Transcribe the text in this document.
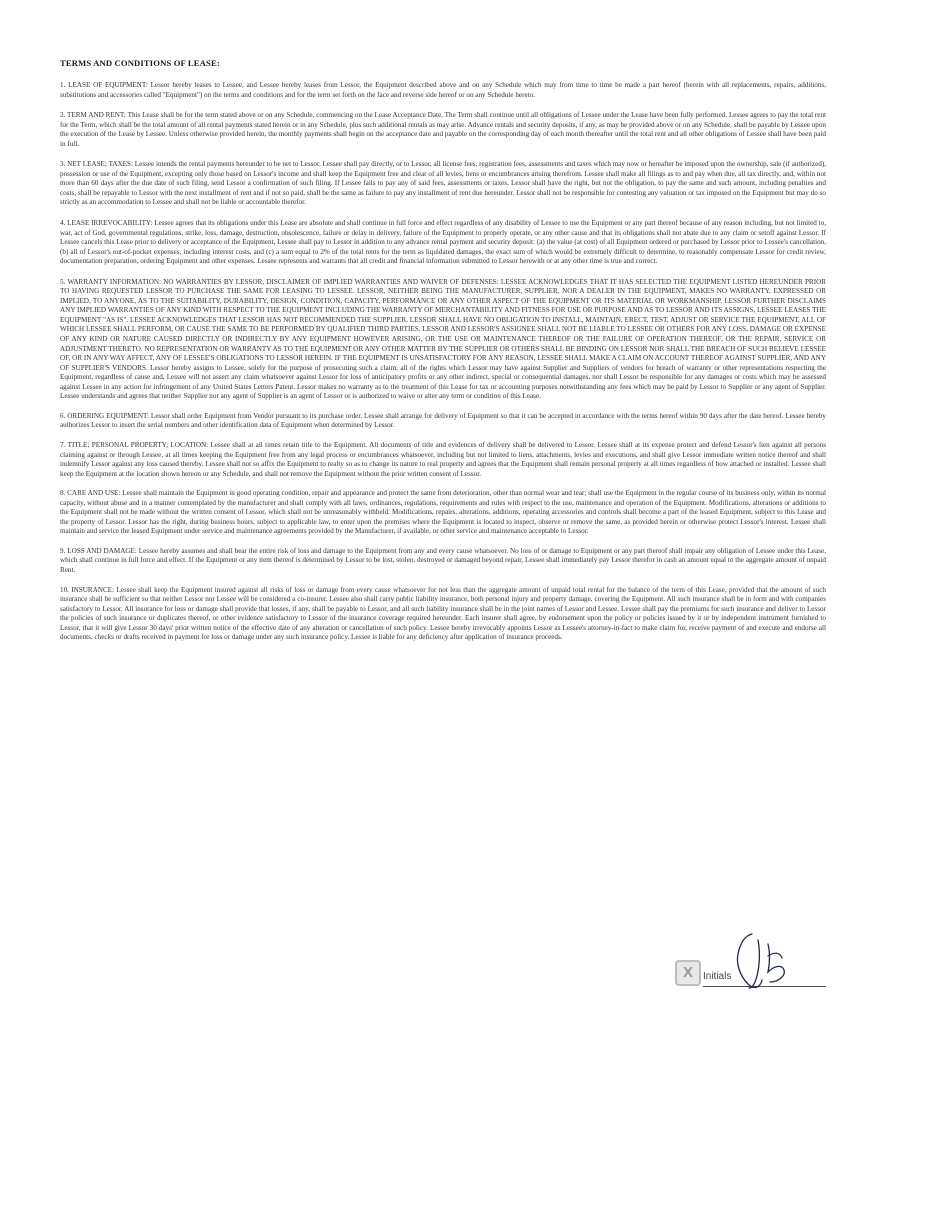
TERMS AND CONDITIONS OF LEASE:

1. LEASE OF EQUIPMENT: Lessor hereby leases to Lessee, and Lessee hereby leases from Lessor, the Equipment described above and on any Schedule which may from time to time be made a part hereof (herein with all replacements, repairs, additions, substitutions and accessories called "Equipment") on the terms and conditions and for the term set forth on the face and reverse side hereof or on any Schedule hereto.

2. TERM AND RENT: This Lease shall be for the term stated above or on any Schedule, commencing on the Lease Acceptance Date. The Term shall continue until all obligations of Lessee under the Lease have been fully performed. Lessee agrees to pay the total rent for the Term, which shall be the total amount of all rental payments stated herein or in any Schedule, plus such additional rentals as may arise. Advance rentals and security deposits, if any, as may be provided above or on any Schedule, shall be payable by Lessee upon the execution of the Lease by Lessee. Unless otherwise provided herein, the monthly payments shall begin on the acceptance date and payable on the corresponding day of each month thereafter until the total rent and all other obligations of Lessee shall have been paid in full.

3. NET LEASE; TAXES: Lessee intends the rental payments hereunder to be net to Lessor. Lessee shall pay directly, or to Lessor, all license fees, registration fees, assessments and taxes which may now or hereafter be imposed upon the ownership, sale (if authorized), possession or use of the Equipment, excepting only those based on Lessor's income and shall keep the Equipment free and clear of all levies, liens or encumbrances arising therefrom. Lessee shall make all filings as to and pay when due, all tax directly, and, within not more than 60 days after the due date of such filing, send Lessor a confirmation of such filing. If Lessee fails to pay any of said fees, assessments or taxes, Lessor shall have the right, but not the obligation, to pay the same and such amount, including penalties and costs, shall be repayable to Lessor with the next installment of rent and if not so paid, shall be the same as failure to pay any installment of rent due hereunder. Lessor shall not be responsible for contesting any valuation or tax imposed on the Equipment but may do so strictly as an accommodation to Lessee and shall not be liable or accountable therefor.

4. LEASE IRREVOCABILITY: Lessee agrees that its obligations under this Lease are absolute and shall continue in full force and effect regardless of any disability of Lessee to use the Equipment or any part thereof because of any reason including, but not limited to, war, act of God, governmental regulations, strike, loss, damage, destruction, obsolescence, failure or delay in delivery, failure of the Equipment to properly operate, or any other cause and that its obligations shall not abate due to any claim or setoff against Lessor. If Lessee cancels this Lease prior to delivery or acceptance of the Equipment, Lessee shall pay to Lessor in addition to any advance rental payment and security deposit: (a) the value (at cost) of all Equipment ordered or purchased by Lessor prior to Lessee's cancellation, (b) all of Lessor's out-of-pocket expenses, including interest costs, and (c) a sum equal to 2% of the total rents for the term as liquidated damages, the exact sum of which would be extremely difficult to determine, to reasonably compensate Lessor for credit review, documentation preparation, ordering Equipment and other expenses. Lessee represents and warrants that all credit and financial information submitted to Lessor herewith or at any other time is true and correct.

5. WARRANTY INFORMATION: NO WARRANTIES BY LESSOR, DISCLAIMER OF IMPLIED WARRANTIES AND WAIVER OF DEFENSES: LESSEE ACKNOWLEDGES THAT IT HAS SELECTED THE EQUIPMENT LISTED HEREUNDER PRIOR TO HAVING REQUESTED LESSOR TO PURCHASE THE SAME FOR LEASING TO LESSEE. LESSOR, NEITHER BEING THE MANUFACTURER, SUPPLIER, NOR A DEALER IN THE EQUIPMENT, MAKES NO WARRANTY, EXPRESSED OR IMPLIED, TO ANYONE, AS TO THE SUITABILITY, DURABILITY, DESIGN, CONDITION, CAPACITY, PERFORMANCE OR ANY OTHER ASPECT OF THE EQUIPMENT OR ITS MATERIAL OR WORKMANSHIP. LESSOR FURTHER DISCLAIMS ANY IMPLIED WARRANTIES OF ANY KIND WITH RESPECT TO THE EQUIPMENT INCLUDING THE WARRANTY OF MERCHANTABILITY AND FITNESS FOR USE OR PURPOSE AND AS TO LESSOR AND ITS ASSIGNS, LESSEE LEASES THE EQUIPMENT "AS IS". LESSEE ACKNOWLEDGES THAT LESSOR HAS NOT RECOMMENDED THE SUPPLIER. LESSOR SHALL HAVE NO OBLIGATION TO INSTALL, MAINTAIN, ERECT, TEST, ADJUST OR SERVICE THE EQUIPMENT, ALL OF WHICH LESSEE SHALL PERFORM, OR CAUSE THE SAME TO BE PERFORMED BY QUALIFIED THIRD PARTIES. LESSOR AND LESSOR'S ASSIGNEE SHALL NOT BE LIABLE TO LESSEE OR OTHERS FOR ANY LOSS, DAMAGE OR EXPENSE OF ANY KIND OR NATURE CAUSED DIRECTLY OR INDIRECTLY BY ANY EQUIPMENT HOWEVER ARISING, OR THE USE OR MAINTENANCE THEREOF OR THE FAILURE OF OPERATION THEREOF, OR THE REPAIR, SERVICE OR ADJUSTMENT THERETO. NO REPRESENTATION OR WARRANTY AS TO THE EQUIPMENT OR ANY OTHER MATTER BY THE SUPPLIER OR OTHERS SHALL BE BINDING ON LESSOR NOR SHALL THE BREACH OF SUCH RELIEVE LESSEE OF, OR IN ANY WAY AFFECT, ANY OF LESSEE'S OBLIGATIONS TO LESSOR HEREIN. IF THE EQUIPMENT IS UNSATISFACTORY FOR ANY REASON, LESSEE SHALL MAKE A CLAIM ON ACCOUNT THEREOF AGAINST SUPPLIER, AND ANY OF SUPPLIER'S VENDORS. Lessor hereby assigns to Lessee, solely for the purpose of prosecuting such a claim, all of the rights which Lessor may have against Supplier and Suppliers of vendors for breach of warranty or other representations respecting the Equipment, regardless of cause and, Lessee will not assert any claim whatsoever against Lessor for loss of anticipatory profits or any other indirect, special or consequential damages, nor shall Lessor be responsible for any damages or costs which may be assessed against Lessee in any action for infringement of any United States Letters Patent. Lessor makes no warranty as to the treatment of this Lease for tax or accounting purposes notwithstanding any fees which may be paid by Lessor to Supplier or any agent of Supplier. Lessee understands and agrees that neither Supplier nor any agent of Supplier is an agent of Lessor or is authorized to waive or alter any term or condition of this Lease.

6. ORDERING EQUIPMENT: Lessor shall order Equipment from Vendor pursuant to its purchase order. Lessee shall arrange for delivery of Equipment so that it can be accepted in accordance with the terms hereof within 90 days after the date hereof. Lessee hereby authorizes Lessor to insert the serial numbers and other identification data of Equipment when determined by Lessor.

7. TITLE; PERSONAL PROPERTY; LOCATION: Lessee shall at all times retain title to the Equipment. All documents of title and evidences of delivery shall be delivered to Lessor. Lessee shall at its expense protect and defend Lessor's lien against all persons claiming against or through Lessee, at all times keeping the Equipment free from any legal process or encumbrances whatsoever, including but not limited to liens, attachments, levies and executions, and shall give Lessor immediate written notice thereof and shall indemnify Lessor against any loss caused thereby. Lessee shall not so affix the Equipment to realty so as to change its nature to real property and agrees that the Equipment shall remain personal property at all times regardless of how attached or installed. Lessee shall keep the Equipment at the location shown hereon or any Schedule, and shall not remove the Equipment without the prior written consent of Lessor.

8. CARE AND USE: Lessee shall maintain the Equipment in good operating condition, repair and appearance and protect the same from deterioration, other than normal wear and tear; shall use the Equipment in the regular course of its business only, within its normal capacity, without abuse and in a manner contemplated by the manufacturer and shall comply with all laws, ordinances, regulations, requirements and rules with respect to the use, maintenance and operation of the Equipment. Modifications, alterations or additions to the Equipment shall not be made without the written consent of Lessor, which shall not be unreasonably withheld. Modifications, repairs, alterations, additions, operating accessories and controls shall become a part of the leased Equipment, subject to this Lease and the property of Lessor. Lessor has the right, during business hours, subject to applicable law, to enter upon the premises where the Equipment is located to inspect, observe or remove the same, as provided herein or otherwise protect Lessor's interest. Lessee shall maintain and service the leased Equipment under service and maintenance agreements provided by the Manufacturer, if available, or other service and maintenance acceptable to Lessor.

9. LOSS AND DAMAGE: Lessee hereby assumes and shall bear the entire risk of loss and damage to the Equipment from any and every cause whatsoever. No loss of or damage to Equipment or any part thereof shall impair any obligation of Lessee under this Lease, which shall continue in full force and effect. If the Equipment or any item thereof is determined by Lessor to be lost, stolen, destroyed or damaged beyond repair, Lessee shall immediately pay Lessor therefor in cash an amount equal to the aggregate amount of unpaid Rent.

10. INSURANCE: Lessee shall keep the Equipment insured against all risks of loss or damage from every cause whatsoever for not less than the aggregate amount of unpaid total rental for the balance of the term of this Lease, provided that the amount of such insurance shall be sufficient so that neither Lessor nor Lessee will be considered a co-insurer. Lessee also shall carry public liability insurance, both personal injury and property damage, covering the Equipment. All such insurance shall be in form and with companies satisfactory to Lessor. All insurance for loss or damage shall provide that losses, if any, shall be payable to Lessor, and all such liability insurance shall be in the joint names of Lessor and Lessee. Lessee shall pay the premiums for such insurance and deliver to Lessor the policies of such insurance or duplicates thereof, or other evidence satisfactory to Lessor of the insurance coverage required hereunder. Each insurer shall agree, by endorsement upon the policy or policies issued by it or by independent instrument furnished to Lessor, that it will give Lessor 30 days' prior written notice of the effective date of any alteration or cancellation of such policy. Lessee hereby irrevocably appoints Lessor as Lessee's attorney-in-fact to make claim for, receive payment of and execute and endorse all documents, checks or drafts received in payment for loss or damage under any such insurance policy. Lessee is liable for any deficiency after application of insurance proceeds.

X	Initials
